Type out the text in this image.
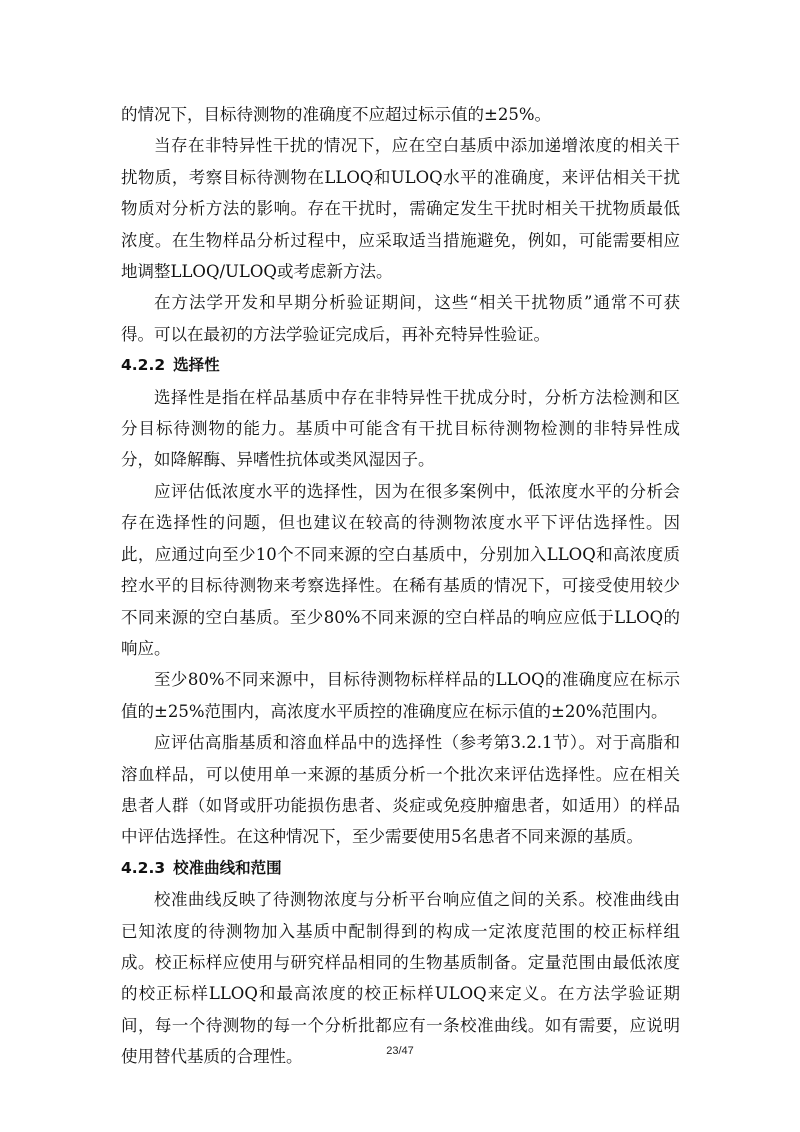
的情况下，目标待测物的准确度不应超过标示值的±25%。

当存在非特异性干扰的情况下，应在空白基质中添加递增浓度的相关干扰物质，考察目标待测物在LLOQ和ULOQ水平的准确度，来评估相关干扰物质对分析方法的影响。存在干扰时，需确定发生干扰时相关干扰物质最低浓度。在生物样品分析过程中，应采取适当措施避免，例如，可能需要相应地调整LLOQ/ULOQ或考虑新方法。

在方法学开发和早期分析验证期间，这些“相关干扰物质”通常不可获得。可以在最初的方法学验证完成后，再补充特异性验证。

4.2.2 选择性

选择性是指在样品基质中存在非特异性干扰成分时，分析方法检测和区分目标待测物的能力。基质中可能含有干扰目标待测物检测的非特异性成分，如降解酶、异嗜性抗体或类风湿因子。

应评估低浓度水平的选择性，因为在很多案例中，低浓度水平的分析会存在选择性的问题，但也建议在较高的待测物浓度水平下评估选择性。因此，应通过向至少10个不同来源的空白基质中，分别加入LLOQ和高浓度质控水平的目标待测物来考察选择性。在稀有基质的情况下，可接受使用较少不同来源的空白基质。至少80%不同来源的空白样品的响应应低于LLOQ的响应。

至少80%不同来源中，目标待测物标样样品的LLOQ的准确度应在标示值的±25%范围内，高浓度水平质控的准确度应在标示值的±20%范围内。

应评估高脂基质和溶血样品中的选择性（参考第3.2.1节）。对于高脂和溶血样品，可以使用单一来源的基质分析一个批次来评估选择性。应在相关患者人群（如肾或肝功能损伤患者、炎症或免疫肿瘤患者，如适用）的样品中评估选择性。在这种情况下，至少需要使用5名患者不同来源的基质。

4.2.3 校准曲线和范围

校准曲线反映了待测物浓度与分析平台响应值之间的关系。校准曲线由已知浓度的待测物加入基质中配制得到的构成一定浓度范围的校正标样组成。校正标样应使用与研究样品相同的生物基质制备。定量范围由最低浓度的校正标样LLOQ和最高浓度的校正标样ULOQ来定义。在方法学验证期间，每一个待测物的每一个分析批都应有一条校准曲线。如有需要，应说明使用替代基质的合理性。	23/47
